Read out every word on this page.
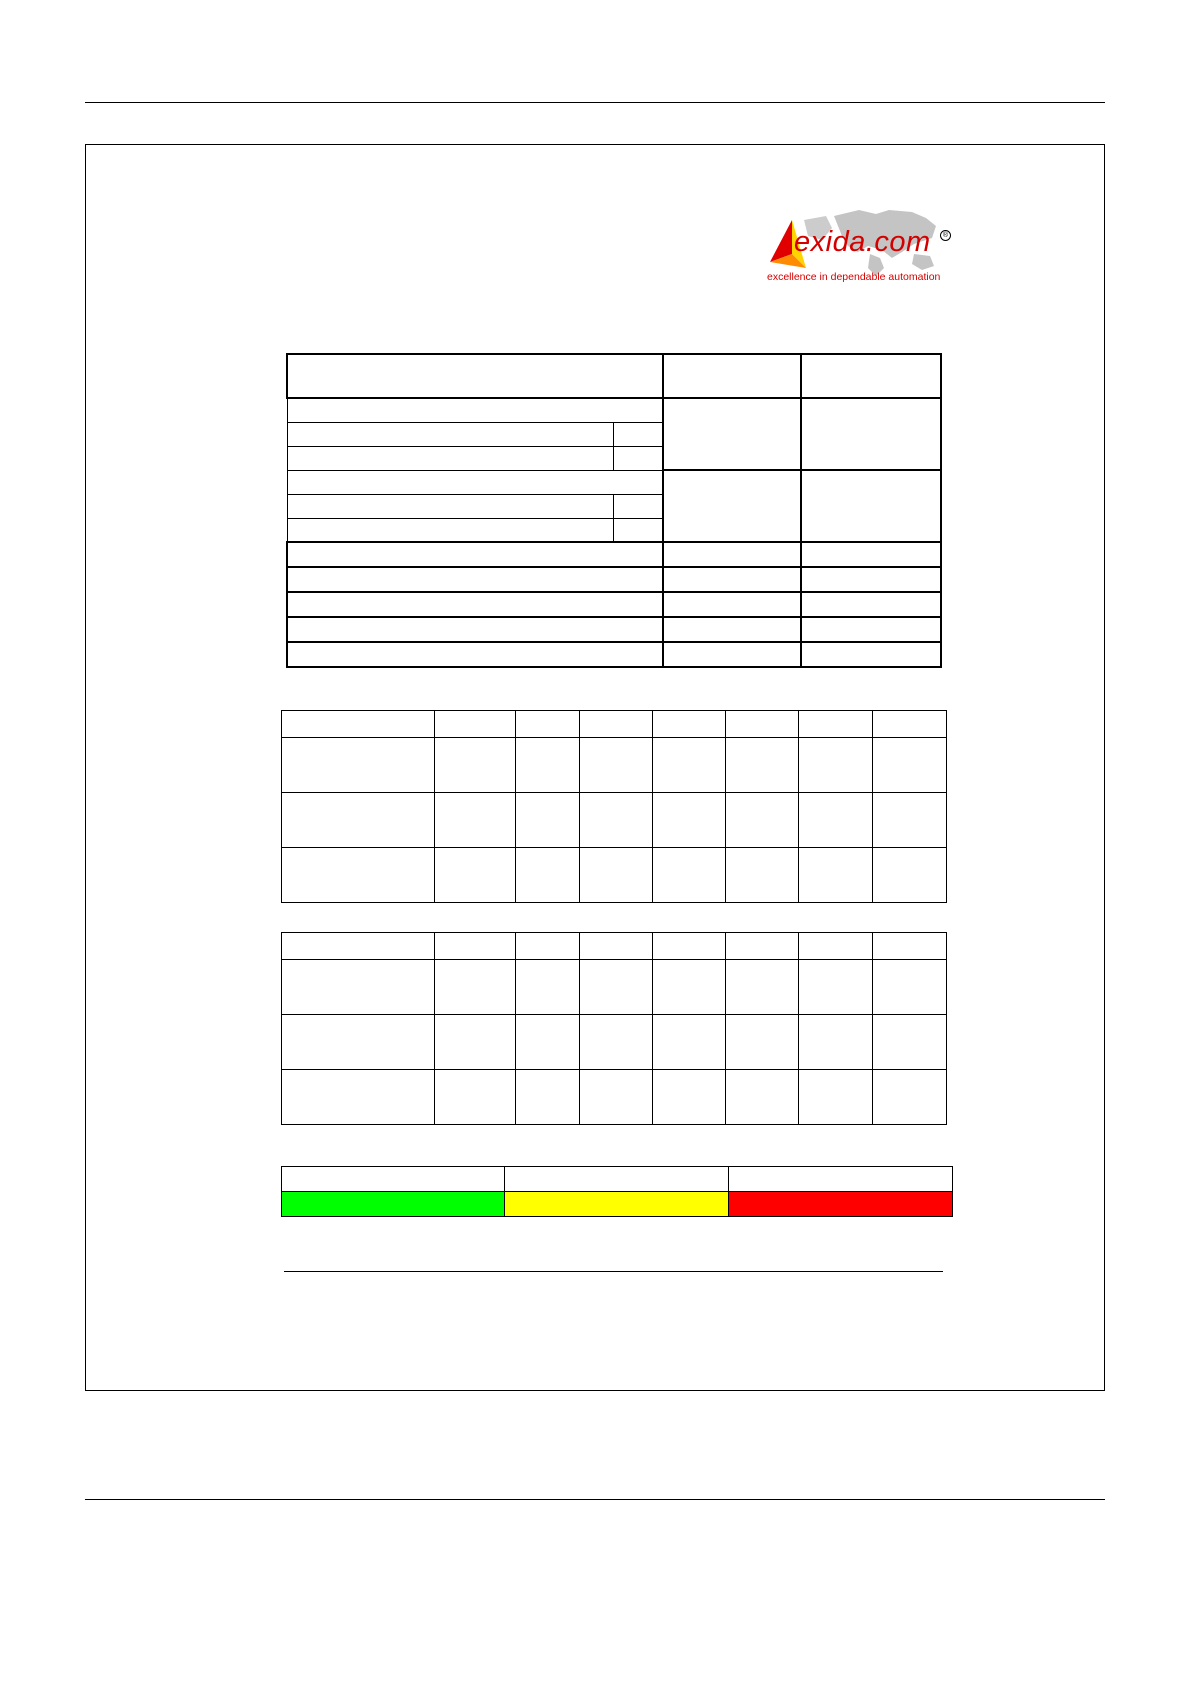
exida.com	®
excellence in dependable automation
